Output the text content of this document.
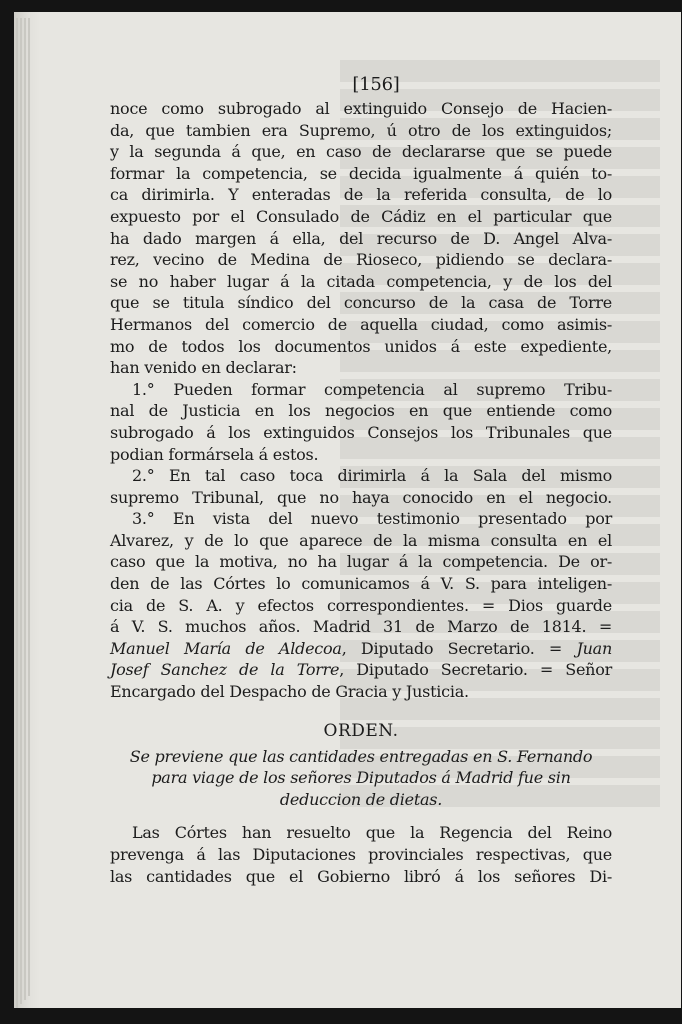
[156]
noce como subrogado al extinguido Consejo de Hacien-
da, que tambien era Supremo, ú otro de los extinguidos;
y la segunda á que, en caso de declararse que se puede
formar la competencia, se decida igualmente á quién to-
ca dirimirla. Y enteradas de la referida consulta, de lo
expuesto por el Consulado de Cádiz en el particular que
ha dado margen á ella, del recurso de D. Angel Alva-
rez, vecino de Medina de Rioseco, pidiendo se declara-
se no haber lugar á la citada competencia, y de los del
que se titula síndico del concurso de la casa de Torre
Hermanos del comercio de aquella ciudad, como asimis-
mo de todos los documentos unidos á este expediente,
han venido en declarar:
1.° Pueden formar competencia al supremo Tribu-
nal de Justicia en los negocios en que entiende como
subrogado á los extinguidos Consejos los Tribunales que
podian formársela á estos.
2.° En tal caso toca dirimirla á la Sala del mismo
supremo Tribunal, que no haya conocido en el negocio.
3.° En vista del nuevo testimonio presentado por
Alvarez, y de lo que aparece de la misma consulta en el
caso que la motiva, no ha lugar á la competencia. De or-
den de las Córtes lo comunicamos á V. S. para inteligen-
cia de S. A. y efectos correspondientes. = Dios guarde
á V. S. muchos años. Madrid 31 de Marzo de 1814. =
Manuel María de Aldecoa, Diputado Secretario. = Juan
Josef Sanchez de la Torre, Diputado Secretario. = Señor
Encargado del Despacho de Gracia y Justicia.
ORDEN.
Se previene que las cantidades entregadas en S. Fernando
para viage de los señores Diputados á Madrid fue sin
deduccion de dietas.
Las Córtes han resuelto que la Regencia del Reino
prevenga á las Diputaciones provinciales respectivas, que
las cantidades que el Gobierno libró á los señores Di-
